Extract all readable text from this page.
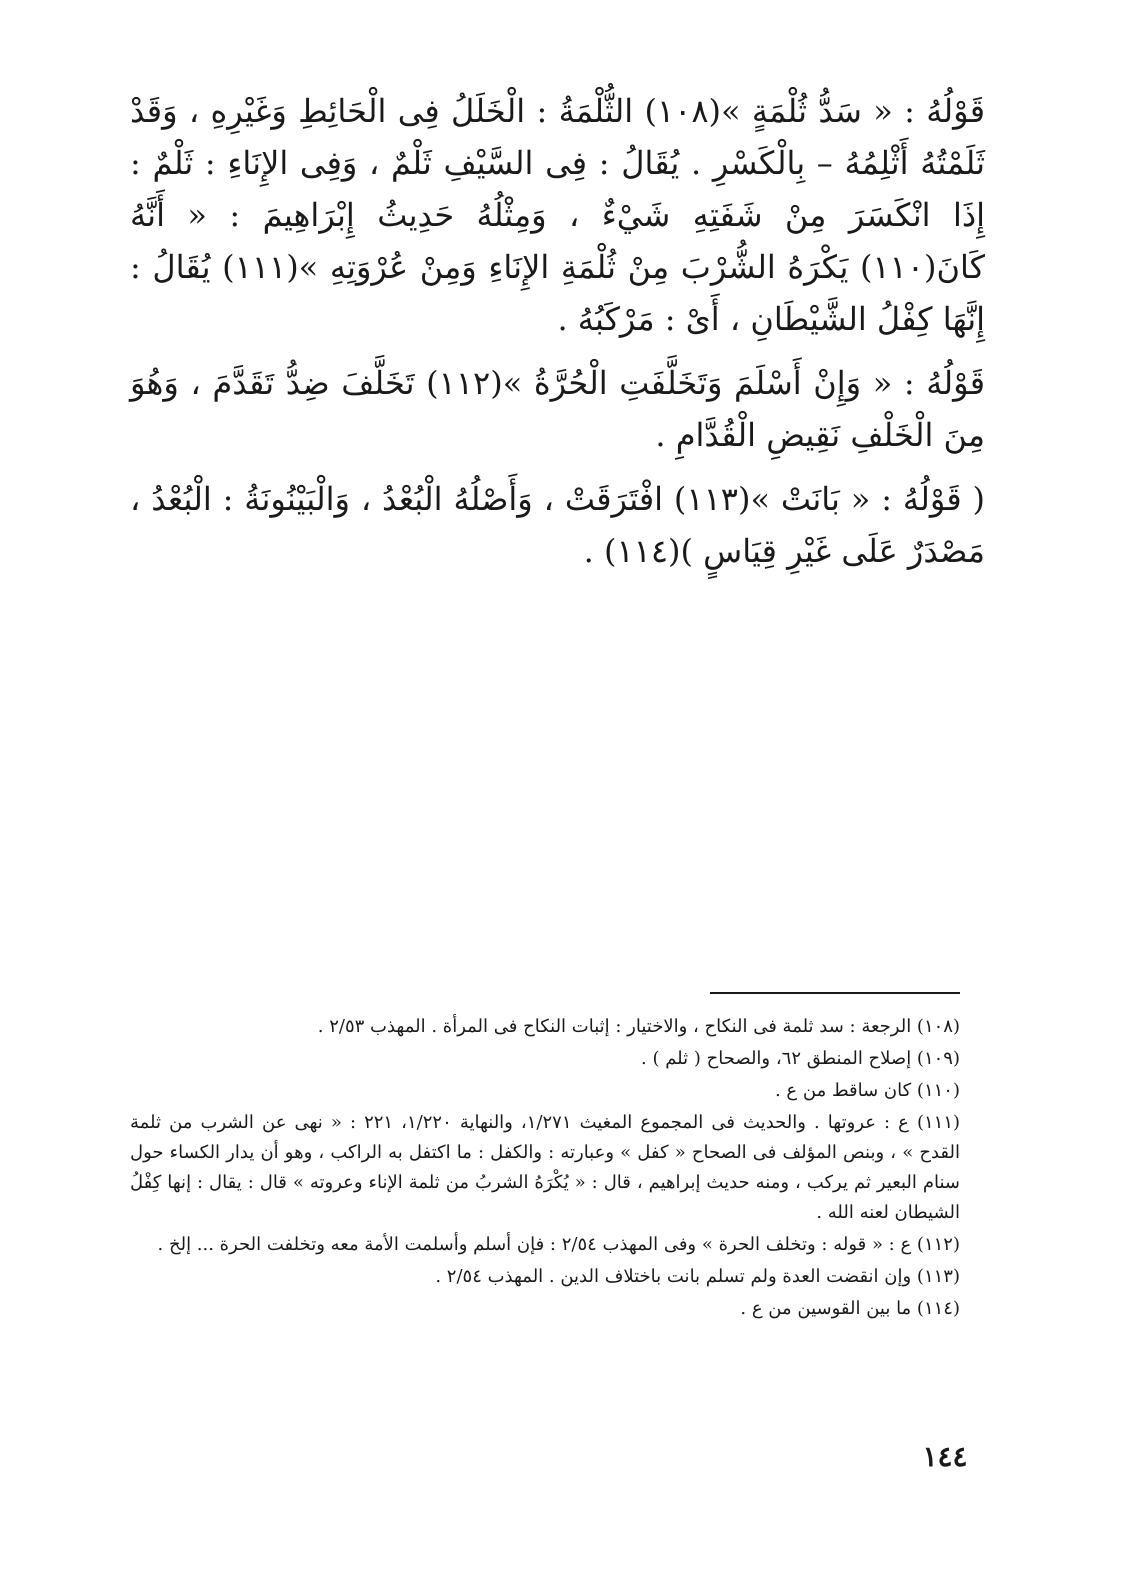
قَوْلُهُ : « سَدُّ ثُلْمَةٍ »(١٠٨) الثُّلْمَةُ : الْخَلَلُ فِى الْحَائِطِ وَغَيْرِهِ ، وَقَدْ ثَلَمْتُهُ أَثْلِمُهُ – بِالْكَسْرِ . يُقَالُ : فِى السَّيْفِ ثَلْمٌ ، وَفِى الإِنَاءِ : ثَلْمٌ : إِذَا انْكَسَرَ مِنْ شَفَتِهِ شَيْءٌ ، وَمِثْلُهُ حَدِيثُ إِبْرَاهِيمَ : « أَنَّهُ كَانَ(١١٠) يَكْرَهُ الشُّرْبَ مِنْ ثُلْمَةِ الإِنَاءِ وَمِنْ عُرْوَتِهِ »(١١١) يُقَالُ : إِنَّهَا كِفْلُ الشَّيْطَانِ ، أَىْ : مَرْكَبُهُ .

قَوْلُهُ : « وَإِنْ أَسْلَمَ وَتَخَلَّفَتِ الْحُرَّةُ »(١١٢) تَخَلَّفَ ضِدُّ تَقَدَّمَ ، وَهُوَ مِنَ الْخَلْفِ نَقِيضِ الْقُدَّامِ .

( قَوْلُهُ : « بَانَتْ »(١١٣) افْتَرَقَتْ ، وَأَصْلُهُ الْبُعْدُ ، وَالْبَيْنُونَةُ : الْبُعْدُ ، مَصْدَرٌ عَلَى غَيْرِ قِيَاسٍ )(١١٤) .

(١٠٨) الرجعة : سد ثلمة فى النكاح ، والاختيار : إثبات النكاح فى المرأة . المهذب ٢/٥٣ .

(١٠٩) إصلاح المنطق ٦٢، والصحاح ( ثلم ) .

(١١٠) كان ساقط من ع .

(١١١) ع : عروتها . والحديث فى المجموع المغيث ١/٢٧١، والنهاية ١/٢٢٠، ٢٢١ : « نهى عن الشرب من ثلمة القدح » ، وبنص المؤلف فى الصحاح « كفل » وعبارته : والكفل : ما اكتفل به الراكب ، وهو أن يدار الكساء حول سنام البعير ثم يركب ، ومنه حديث إبراهيم ، قال : « يُكْرَهُ الشربُ من ثلمة الإناء وعروته » قال : يقال : إنها كِفْلُ الشيطان لعنه الله .

(١١٢) ع : « قوله : وتخلف الحرة » وفى المهذب ٢/٥٤ : فإن أسلم وأسلمت الأمة معه وتخلفت الحرة ... إلخ .

(١١٣) وإن انقضت العدة ولم تسلم بانت باختلاف الدين . المهذب ٢/٥٤ .

(١١٤) ما بين القوسين من ع .

١٤٤
